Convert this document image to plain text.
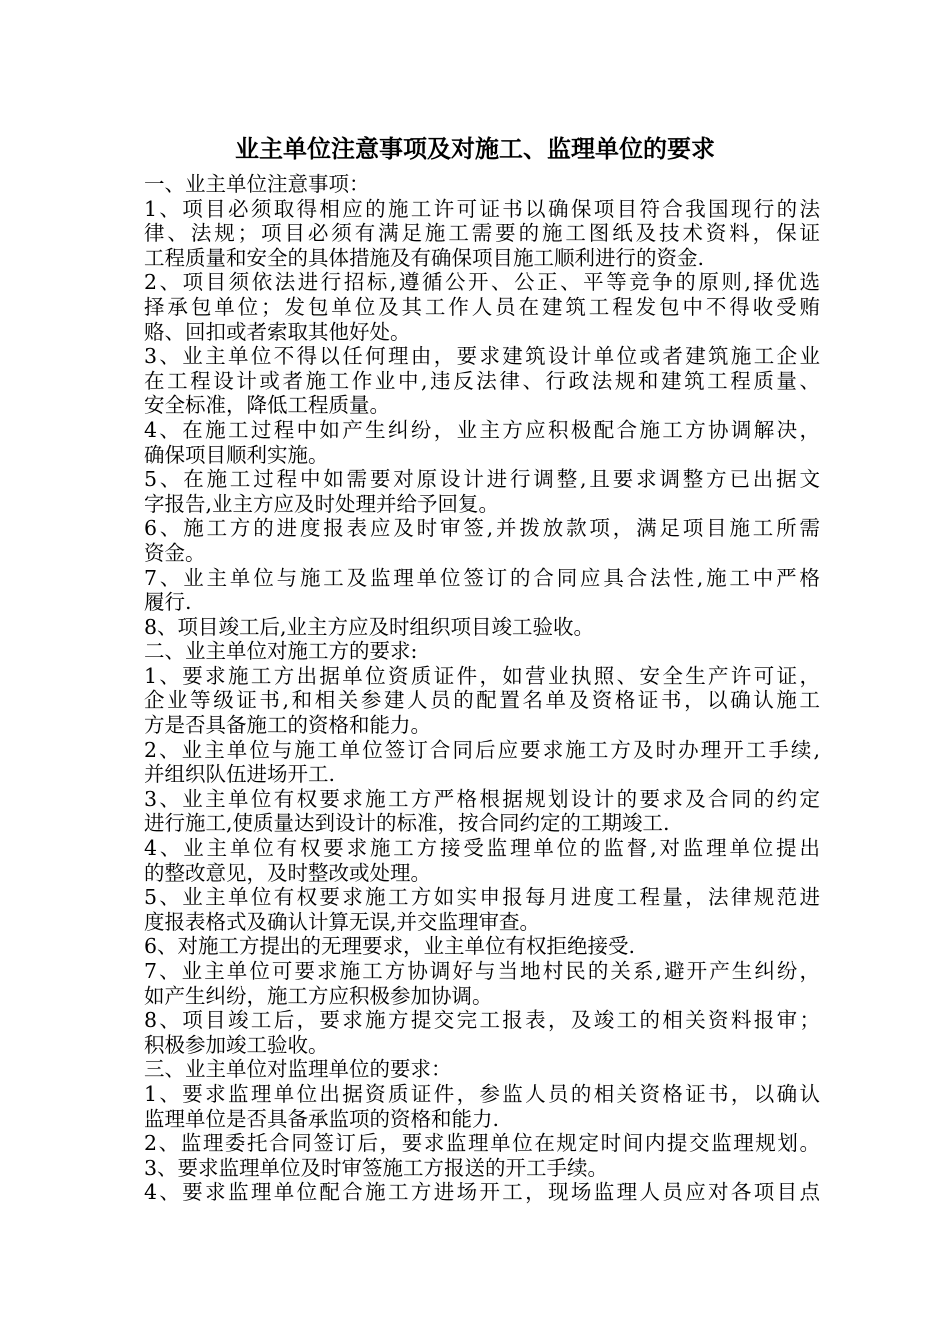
业主单位注意事项及对施工、监理单位的要求
一、业主单位注意事项：
1、项目必须取得相应的施工许可证书以确保项目符合我国现行的法
律、法规；项目必须有满足施工需要的施工图纸及技术资料，保证
工程质量和安全的具体措施及有确保项目施工顺利进行的资金.
2、项目须依法进行招标,遵循公开、公正、平等竞争的原则,择优选
择承包单位；发包单位及其工作人员在建筑工程发包中不得收受贿
赂、回扣或者索取其他好处。
3、业主单位不得以任何理由，要求建筑设计单位或者建筑施工企业
在工程设计或者施工作业中,违反法律、行政法规和建筑工程质量、
安全标准，降低工程质量。
4、在施工过程中如产生纠纷，业主方应积极配合施工方协调解决，
确保项目顺利实施。
5、在施工过程中如需要对原设计进行调整,且要求调整方已出据文
字报告,业主方应及时处理并给予回复。
6、施工方的进度报表应及时审签,并拨放款项，满足项目施工所需
资金。
7、业主单位与施工及监理单位签订的合同应具合法性,施工中严格
履行.
8、项目竣工后,业主方应及时组织项目竣工验收。
二、业主单位对施工方的要求:
1、要求施工方出据单位资质证件，如营业执照、安全生产许可证，
企业等级证书,和相关参建人员的配置名单及资格证书，以确认施工
方是否具备施工的资格和能力。
2、业主单位与施工单位签订合同后应要求施工方及时办理开工手续,
并组织队伍进场开工.
3、业主单位有权要求施工方严格根据规划设计的要求及合同的约定
进行施工,使质量达到设计的标准，按合同约定的工期竣工.
4、业主单位有权要求施工方接受监理单位的监督,对监理单位提出
的整改意见，及时整改或处理。
5、业主单位有权要求施工方如实申报每月进度工程量，法律规范进
度报表格式及确认计算无误,并交监理审查。
6、对施工方提出的无理要求，业主单位有权拒绝接受.
7、业主单位可要求施工方协调好与当地村民的关系,避开产生纠纷，
如产生纠纷，施工方应积极参加协调。
8、项目竣工后，要求施方提交完工报表，及竣工的相关资料报审；
积极参加竣工验收。
三、业主单位对监理单位的要求：
1、要求监理单位出据资质证件，参监人员的相关资格证书，以确认
监理单位是否具备承监项的资格和能力.
2、监理委托合同签订后，要求监理单位在规定时间内提交监理规划。
3、要求监理单位及时审签施工方报送的开工手续。
4、要求监理单位配合施工方进场开工，现场监理人员应对各项目点
